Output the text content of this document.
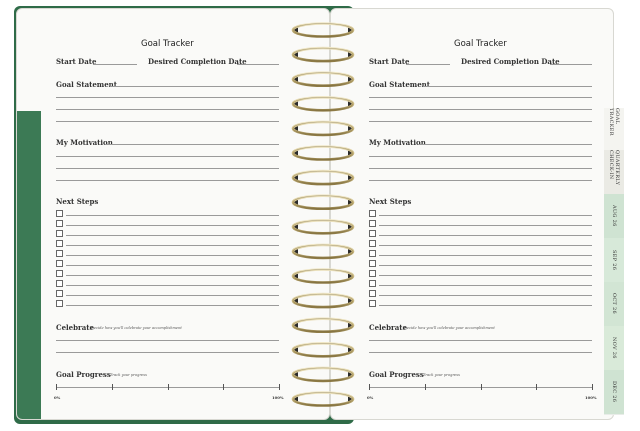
Goal Tracker
Start Date	Desired Completion Date
Goal Statement
My Motivation
Next Steps
Celebrate
Decide how you'll celebrate your accomplishment
Goal Progress Track your progress
0%	100%
Goal Tracker
Start Date	Desired Completion Date
Goal Statement
My Motivation
Next Steps
Celebrate
Decide how you'll celebrate your accomplishment
Goal Progress Track your progress
0%	100%
GOAL TRACKER
QUARTERLY CHECK-IN
AUG 26
SEP 26
OCT 26
NOV 26
DEC 26
